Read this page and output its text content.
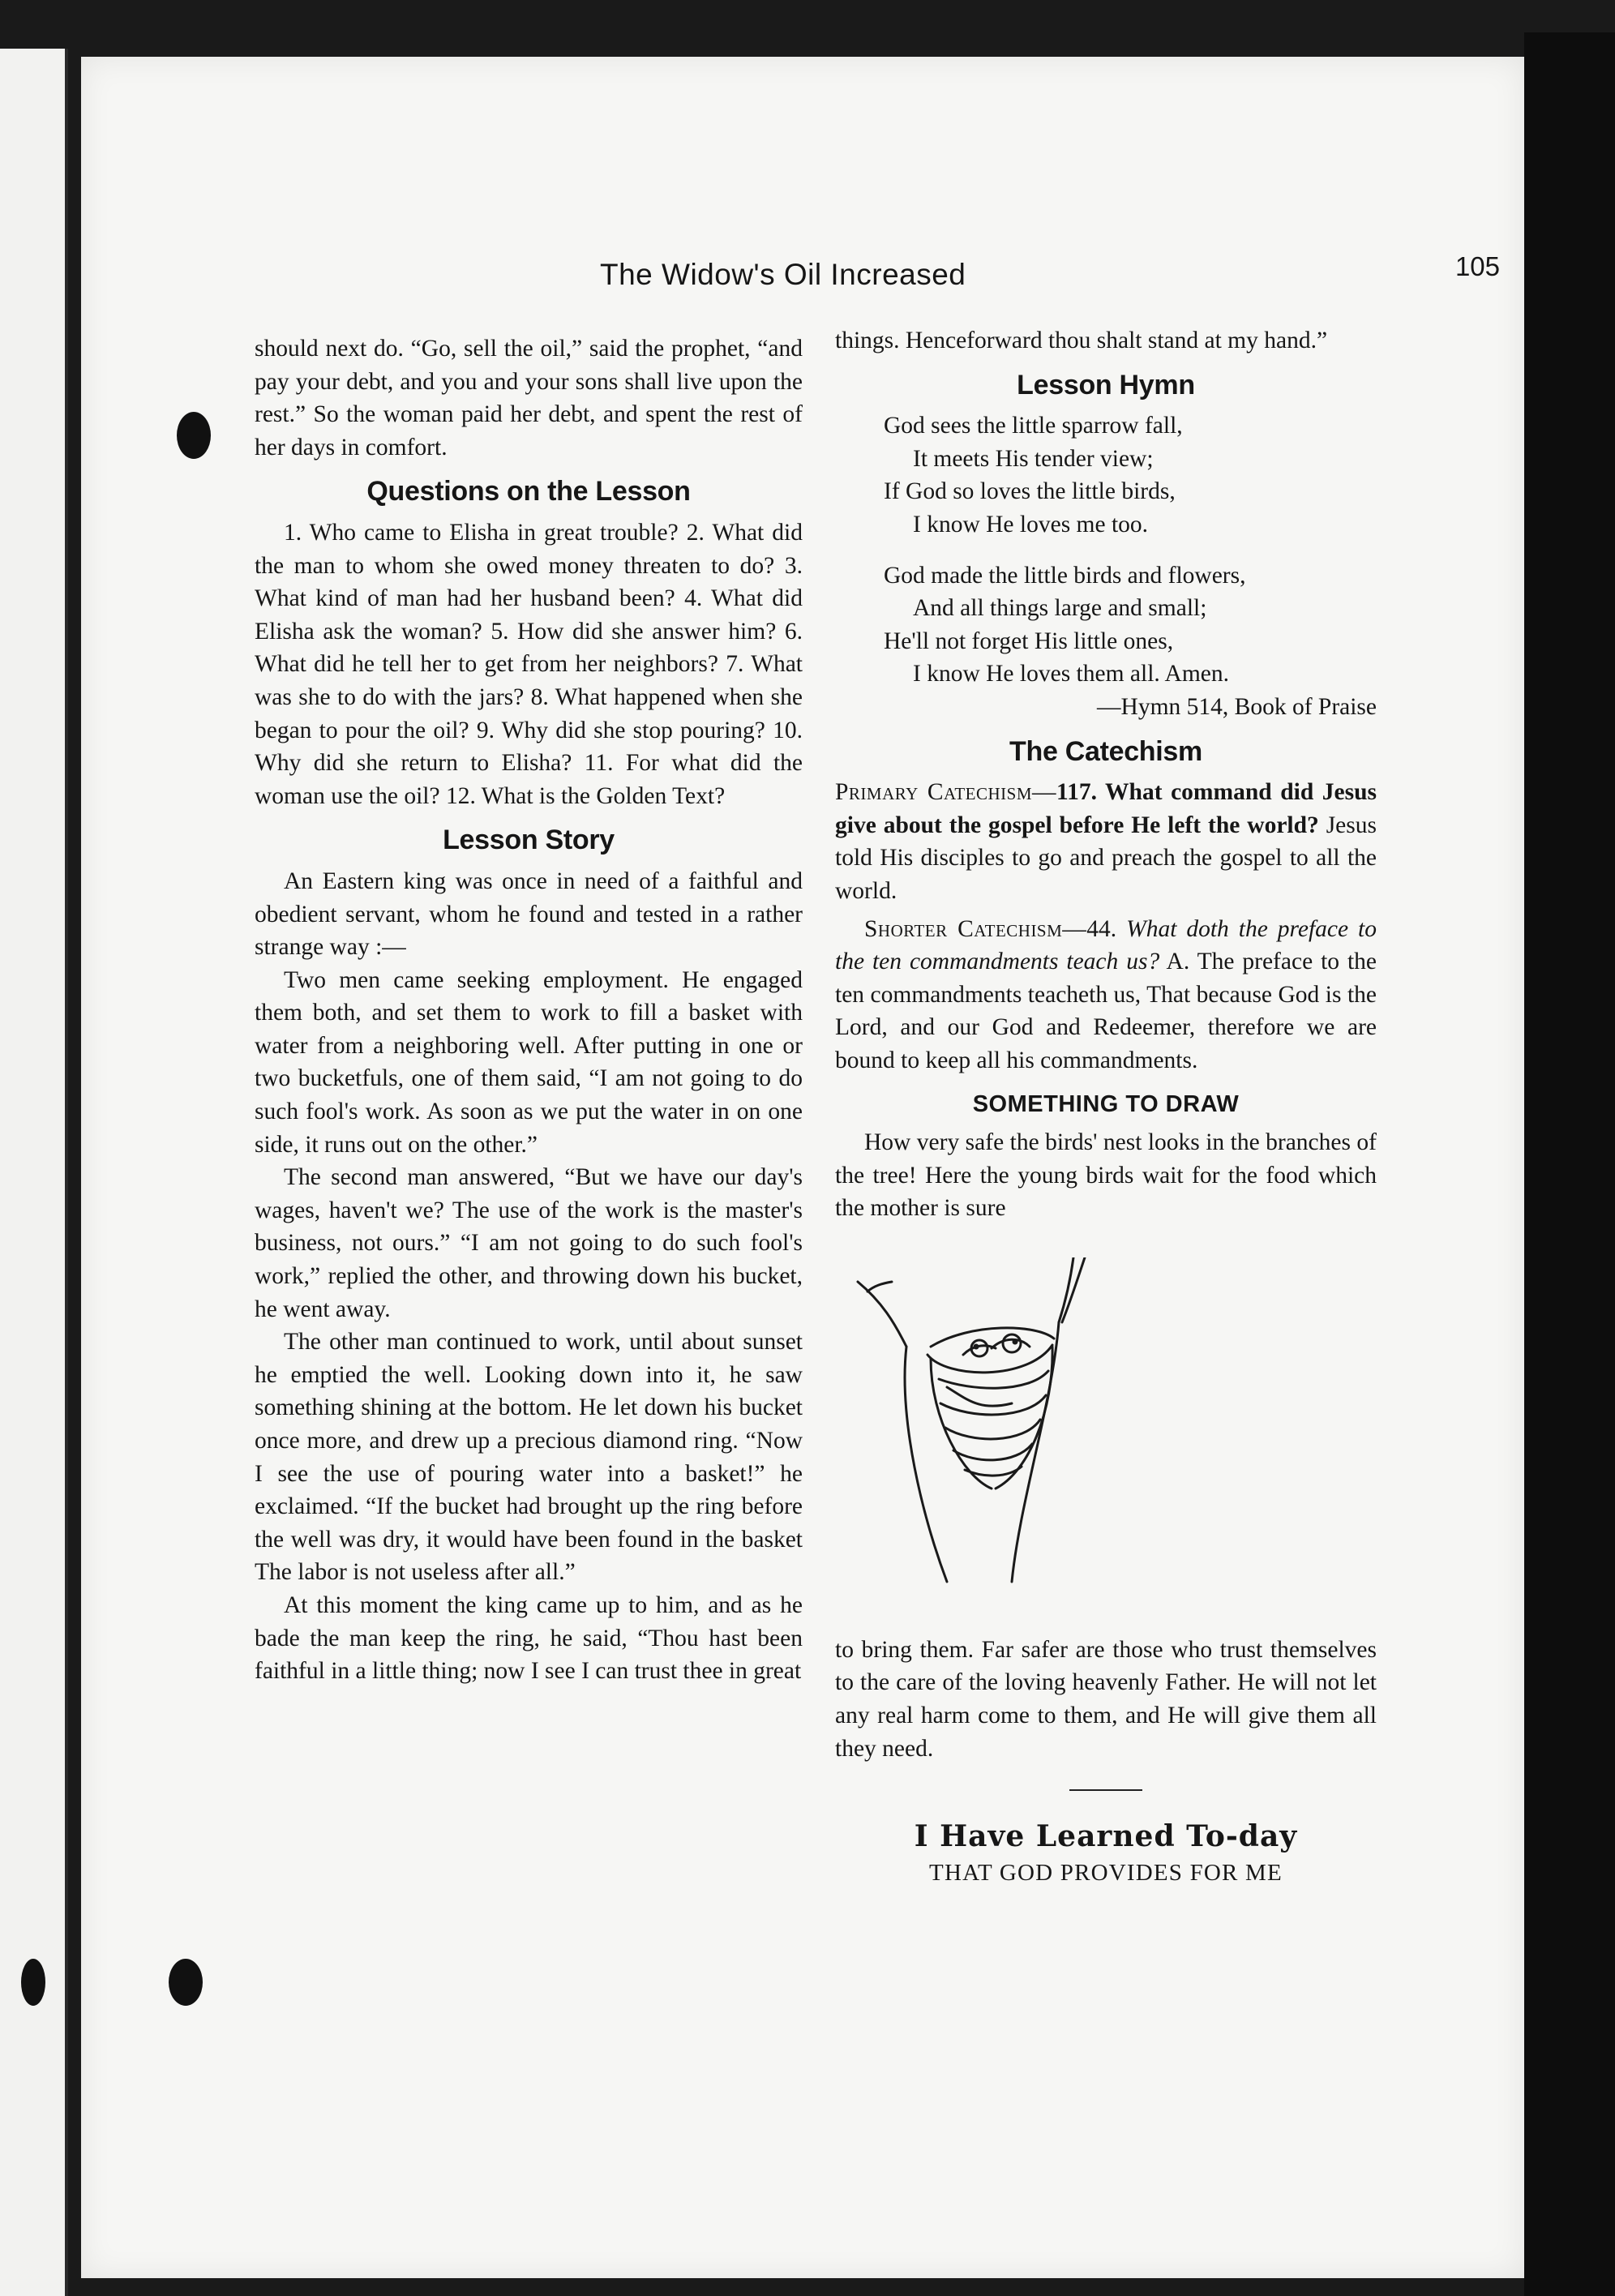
The Widow's Oil Increased	105

should next do. “Go, sell the oil,” said the prophet, “and pay your debt, and you and your sons shall live upon the rest.” So the woman paid her debt, and spent the rest of her days in comfort.

Questions on the Lesson

1. Who came to Elisha in great trouble? 2. What did the man to whom she owed money threaten to do? 3. What kind of man had her husband been? 4. What did Elisha ask the woman? 5. How did she answer him? 6. What did he tell her to get from her neighbors? 7. What was she to do with the jars? 8. What happened when she began to pour the oil? 9. Why did she stop pouring? 10. Why did she return to Elisha? 11. For what did the woman use the oil? 12. What is the Golden Text?

Lesson Story

An Eastern king was once in need of a faithful and obedient servant, whom he found and tested in a rather strange way :—

Two men came seeking employment. He engaged them both, and set them to work to fill a basket with water from a neighboring well. After putting in one or two bucketfuls, one of them said, “I am not going to do such fool's work. As soon as we put the water in on one side, it runs out on the other.”

The second man answered, “But we have our day's wages, haven't we? The use of the work is the master's business, not ours.” “I am not going to do such fool's work,” replied the other, and throwing down his bucket, he went away.

The other man continued to work, until about sunset he emptied the well. Looking down into it, he saw something shining at the bottom. He let down his bucket once more, and drew up a precious diamond ring. “Now I see the use of pouring water into a basket!” he exclaimed. “If the bucket had brought up the ring before the well was dry, it would have been found in the basket The labor is not useless after all.”

At this moment the king came up to him, and as he bade the man keep the ring, he said, “Thou hast been faithful in a little thing; now I see I can trust thee in great

things. Henceforward thou shalt stand at my hand.”

Lesson Hymn
God sees the little sparrow fall,
It meets His tender view;
If God so loves the little birds,
I know He loves me too.
God made the little birds and flowers,
And all things large and small;
He'll not forget His little ones,
I know He loves them all. Amen.
—Hymn 514, Book of Praise
The Catechism

Primary Catechism—117. What command did Jesus give about the gospel before He left the world? Jesus told His disciples to go and preach the gospel to all the world.

Shorter Catechism—44. What doth the preface to the ten commandments teach us? A. The preface to the ten commandments teacheth us, That because God is the Lord, and our God and Redeemer, therefore we are bound to keep all his commandments.

SOMETHING TO DRAW

How very safe the birds' nest looks in the branches of the tree! Here the young birds wait for the food which the mother is sure

to bring them. Far safer are those who trust themselves to the care of the loving heavenly Father. He will not let any real harm come to them, and He will give them all they need.

I Have Learned To-day
THAT GOD PROVIDES FOR ME
